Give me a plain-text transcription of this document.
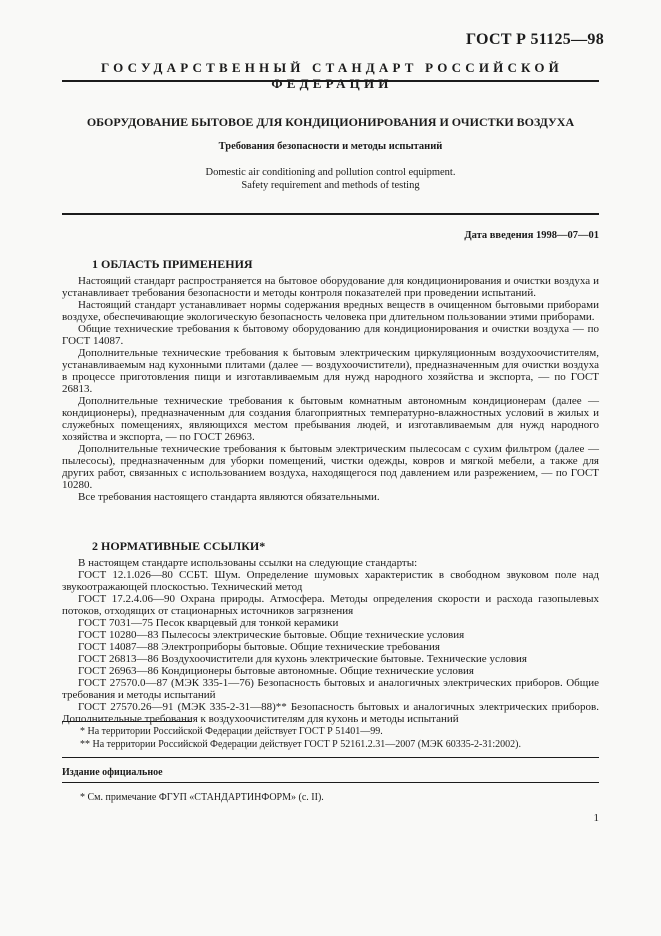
ГОСТ Р 51125—98
ГОСУДАРСТВЕННЫЙ СТАНДАРТ РОССИЙСКОЙ ФЕДЕРАЦИИ
ОБОРУДОВАНИЕ БЫТОВОЕ ДЛЯ КОНДИЦИОНИРОВАНИЯ И ОЧИСТКИ ВОЗДУХА
Требования безопасности и методы испытаний
Domestic air conditioning and pollution control equipment.
Safety requirement and methods of testing
Дата введения 1998—07—01
1 ОБЛАСТЬ ПРИМЕНЕНИЯ

Настоящий стандарт распространяется на бытовое оборудование для кондиционирования и очистки воздуха и устанавливает требования безопасности и методы контроля показателей при проведении испытаний.

Настоящий стандарт устанавливает нормы содержания вредных веществ в очищенном бытовыми приборами воздухе, обеспечивающие экологическую безопасность человека при длительном пользовании этими приборами.

Общие технические требования к бытовому оборудованию для кондиционирования и очистки воздуха — по ГОСТ 14087.

Дополнительные технические требования к бытовым электрическим циркуляционным воздухоочистителям, устанавливаемым над кухонными плитами (далее — воздухоочистители), предназначенным для очистки воздуха в процессе приготовления пищи и изготавливаемым для нужд народного хозяйства и экспорта, — по ГОСТ 26813.

Дополнительные технические требования к бытовым комнатным автономным кондиционерам (далее — кондиционеры), предназначенным для создания благоприятных температурно-влажностных условий в жилых и служебных помещениях, являющихся местом пребывания людей, и изготавливаемым для нужд народного хозяйства и экспорта, — по ГОСТ 26963.

Дополнительные технические требования к бытовым электрическим пылесосам с сухим фильтром (далее — пылесосы), предназначенным для уборки помещений, чистки одежды, ковров и мягкой мебели, а также для других работ, связанных с использованием воздуха, находящегося под давлением или разрежением, — по ГОСТ 10280.

Все требования настоящего стандарта являются обязательными.

2 НОРМАТИВНЫЕ ССЫЛКИ*

В настоящем стандарте использованы ссылки на следующие стандарты:

ГОСТ 12.1.026—80 ССБТ. Шум. Определение шумовых характеристик в свободном звуковом поле над звукоотражающей плоскостью. Технический метод

ГОСТ 17.2.4.06—90 Охрана природы. Атмосфера. Методы определения скорости и расхода газопылевых потоков, отходящих от стационарных источников загрязнения

ГОСТ 7031—75 Песок кварцевый для тонкой керамики

ГОСТ 10280—83 Пылесосы электрические бытовые. Общие технические условия

ГОСТ 14087—88 Электроприборы бытовые. Общие технические требования

ГОСТ 26813—86 Воздухоочистители для кухонь электрические бытовые. Технические условия

ГОСТ 26963—86 Кондиционеры бытовые автономные. Общие технические условия

ГОСТ 27570.0—87 (МЭК 335-1—76) Безопасность бытовых и аналогичных электрических приборов. Общие требования и методы испытаний

ГОСТ 27570.26—91 (МЭК 335-2-31—88)** Безопасность бытовых и аналогичных электрических приборов. Дополнительные требования к воздухоочистителям для кухонь и методы испытаний

* На территории Российской Федерации действует ГОСТ Р 51401—99.
** На территории Российской Федерации действует ГОСТ Р 52161.2.31—2007 (МЭК 60335-2-31:2002).
Издание официальное
* См. примечание ФГУП «СТАНДАРТИНФОРМ» (с. II).
1
